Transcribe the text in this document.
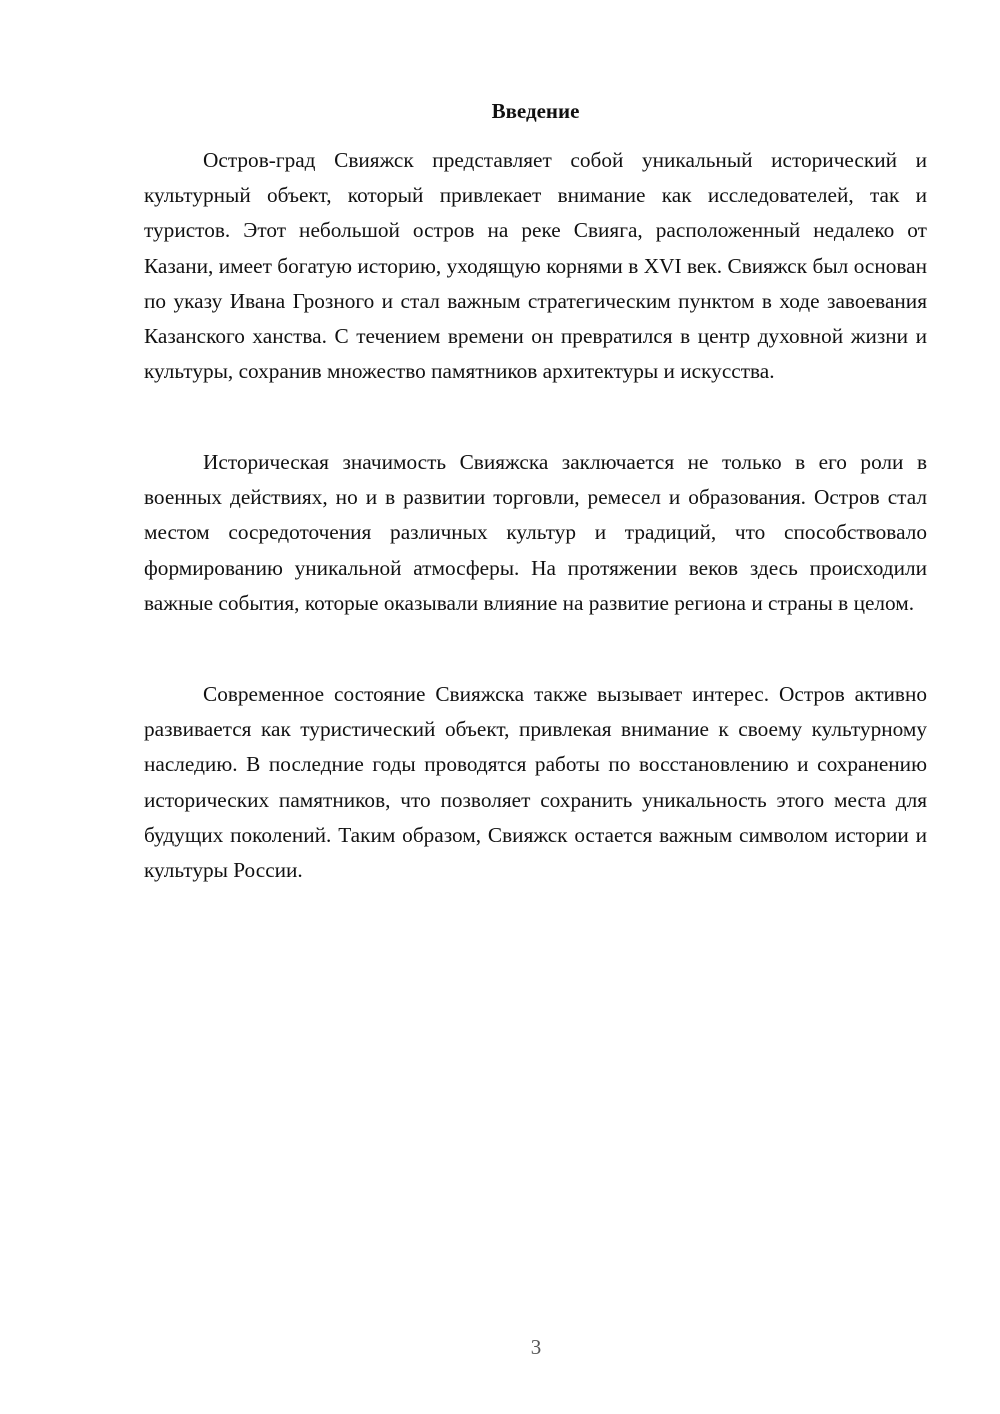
Введение

Остров-град Свияжск представляет собой уникальный исторический и культурный объект, который привлекает внимание как исследователей, так и туристов. Этот небольшой остров на реке Свияга, расположенный недалеко от Казани, имеет богатую историю, уходящую корнями в XVI век. Свияжск был основан по указу Ивана Грозного и стал важным стратегическим пунктом в ходе завоевания Казанского ханства. С течением времени он превратился в центр духовной жизни и культуры, сохранив множество памятников архитектуры и искусства.

Историческая значимость Свияжска заключается не только в его роли в военных действиях, но и в развитии торговли, ремесел и образования. Остров стал местом сосредоточения различных культур и традиций, что способствовало формированию уникальной атмосферы. На протяжении веков здесь происходили важные события, которые оказывали влияние на развитие региона и страны в целом.

Современное состояние Свияжска также вызывает интерес. Остров активно развивается как туристический объект, привлекая внимание к своему культурному наследию. В последние годы проводятся работы по восстановлению и сохранению исторических памятников, что позволяет сохранить уникальность этого места для будущих поколений. Таким образом, Свияжск остается важным символом истории и культуры России.

3
